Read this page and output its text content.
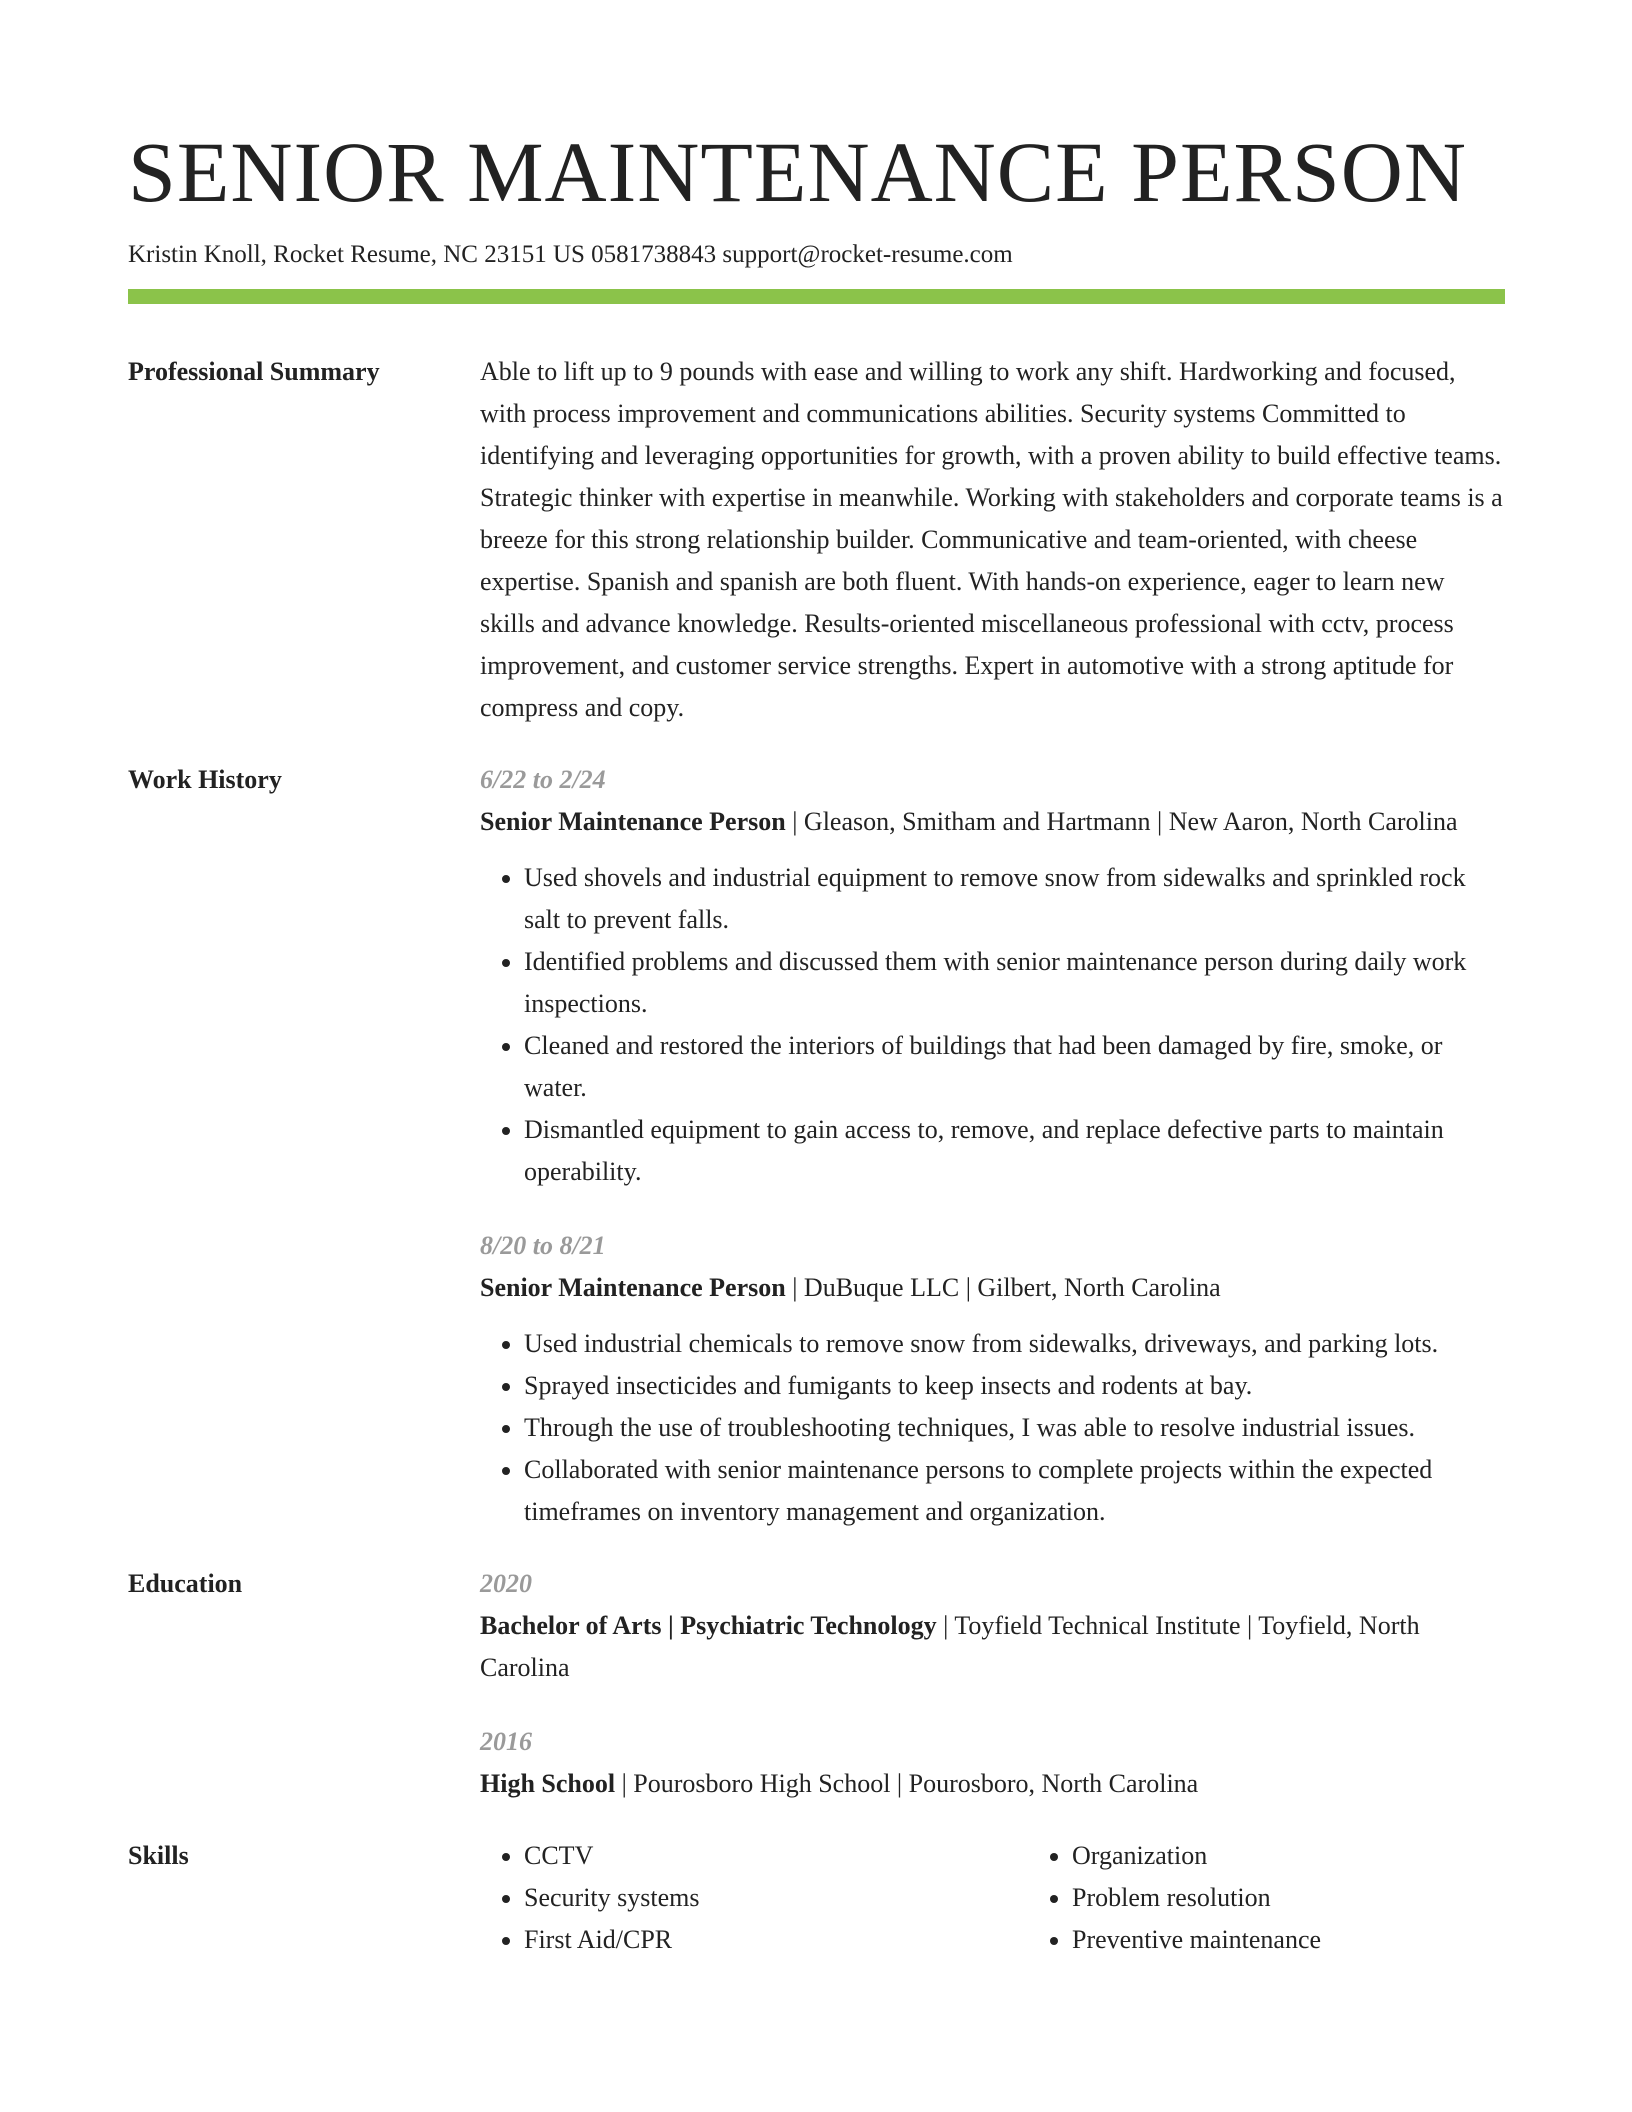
SENIOR MAINTENANCE PERSON
Kristin Knoll, Rocket Resume, NC 23151 US 0581738843 support@rocket-resume.com
Professional Summary	Able to lift up to 9 pounds with ease and willing to work any shift. Hardworking and focused, with process improvement and communications abilities. Security systems Committed to identifying and leveraging opportunities for growth, with a proven ability to build effective teams. Strategic thinker with expertise in meanwhile. Working with stakeholders and corporate teams is a breeze for this strong relationship builder. Communicative and team-oriented, with cheese expertise. Spanish and spanish are both fluent. With hands-on experience, eager to learn new skills and advance knowledge. Results-oriented miscellaneous professional with cctv, process improvement, and customer service strengths. Expert in automotive with a strong aptitude for compress and copy.

Work History	6/22 to 2/24
Senior Maintenance Person | Gleason, Smitham and Hartmann | New Aaron, North Carolina
• Used shovels and industrial equipment to remove snow from sidewalks and sprinkled rock salt to prevent falls.
• Identified problems and discussed them with senior maintenance person during daily work inspections.
• Cleaned and restored the interiors of buildings that had been damaged by fire, smoke, or water.
• Dismantled equipment to gain access to, remove, and replace defective parts to maintain operability.
8/20 to 8/21
Senior Maintenance Person | DuBuque LLC | Gilbert, North Carolina
• Used industrial chemicals to remove snow from sidewalks, driveways, and parking lots.
• Sprayed insecticides and fumigants to keep insects and rodents at bay.
• Through the use of troubleshooting techniques, I was able to resolve industrial issues.
• Collaborated with senior maintenance persons to complete projects within the expected timeframes on inventory management and organization.
Education	2020
Bachelor of Arts | Psychiatric Technology | Toyfield Technical Institute | Toyfield, North Carolina
2016
High School | Pourosboro High School | Pourosboro, North Carolina
Skills
•	CCTV
• Security systems
• First Aid/CPR
• Organization
• Problem resolution
• Preventive maintenance
